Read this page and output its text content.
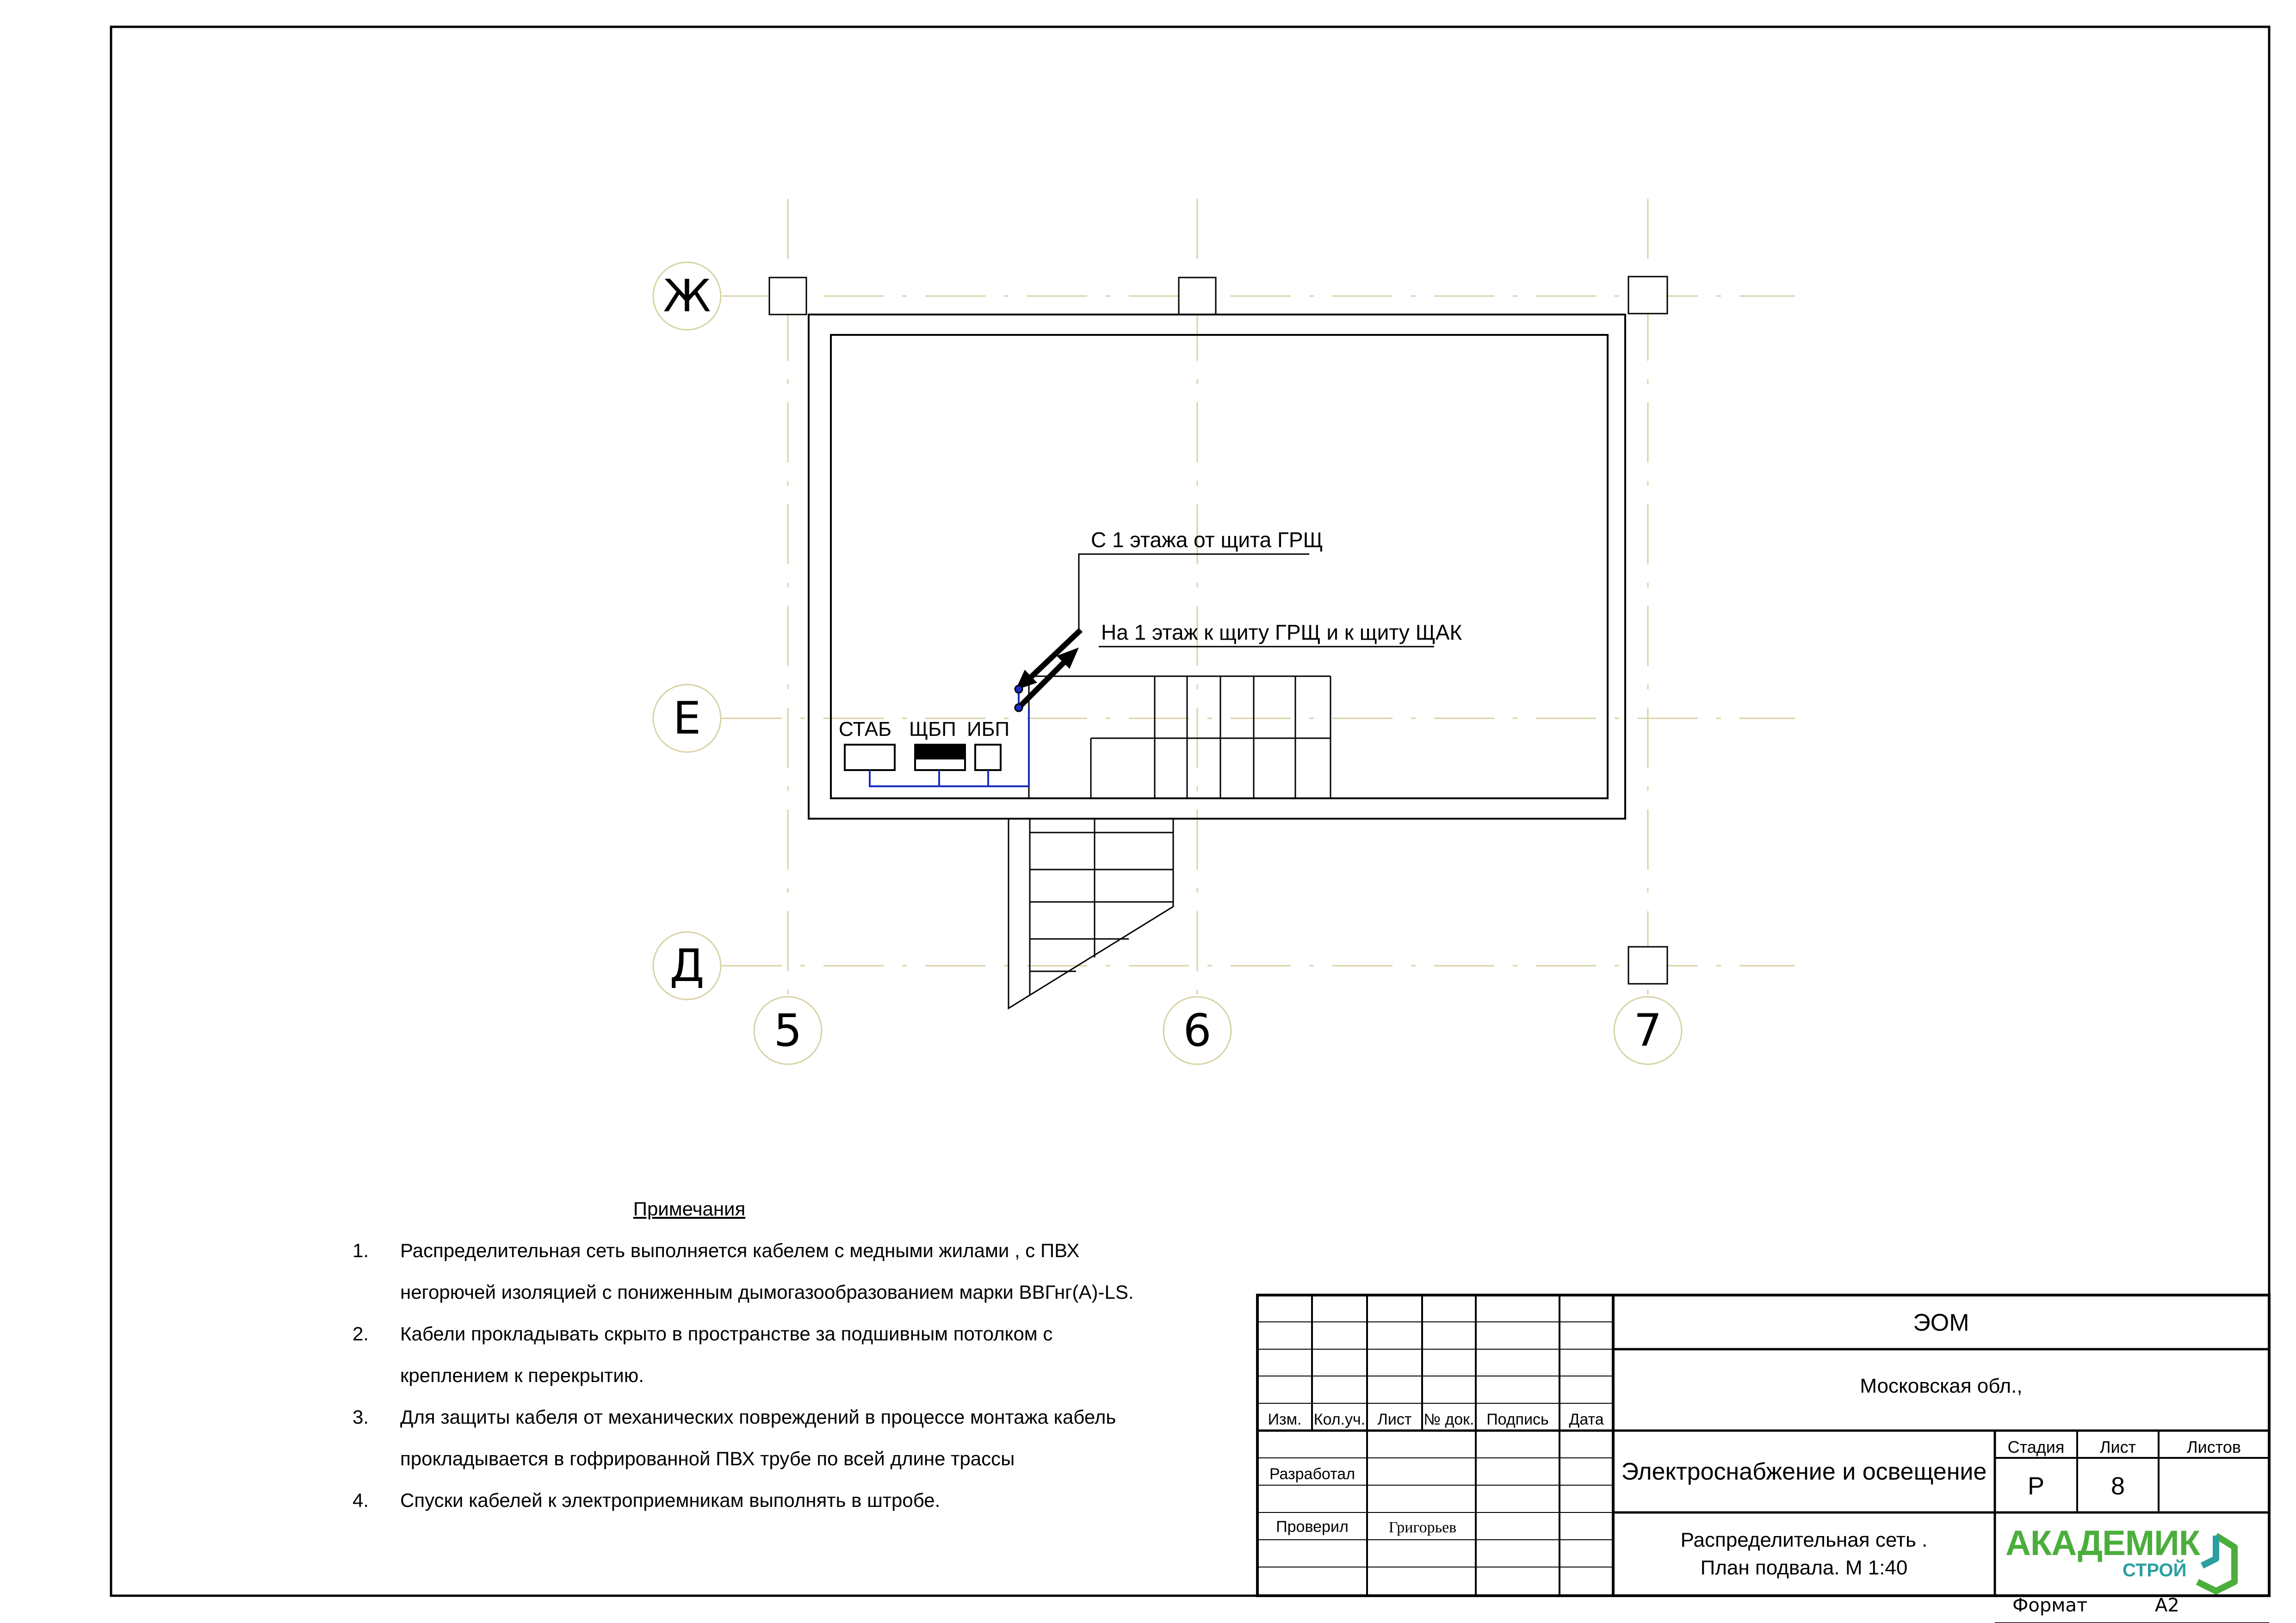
Ж
Е
Д
5	6	7
СТАБ ЩБП ИБП
С 1 этажа от щита ГРЩ
На 1 этаж к щиту ГРЩ и к щиту ЩАК
Примечания
1. Распределительная сеть выполняется кабелем с медными жилами , с ПВХ
негорючей изоляцией с пониженным дымогазообразованием марки ВВГнг(А)-LS.
2. Кабели прокладывать скрыто в пространстве за подшивным потолком с
креплением к перекрытию.
3. Для защиты кабеля от механических повреждений в процессе монтажа кабель
прокладывается в гофрированной ПВХ трубе по всей длине трассы
4. Спуски кабелей к электроприемникам выполнять в штробе.
Изм. Кол.уч. Лист № док. Подпись	Дата
Разработал
Проверил	Григорьев
ЭОМ
Московская обл.,
Электроснабжение и освещение
Распределительная сеть .
План подвала. М 1:40
Стадия	Лист	Листов
Р	8
АКАДЕМИК
СТРОЙ
Формат	А2
